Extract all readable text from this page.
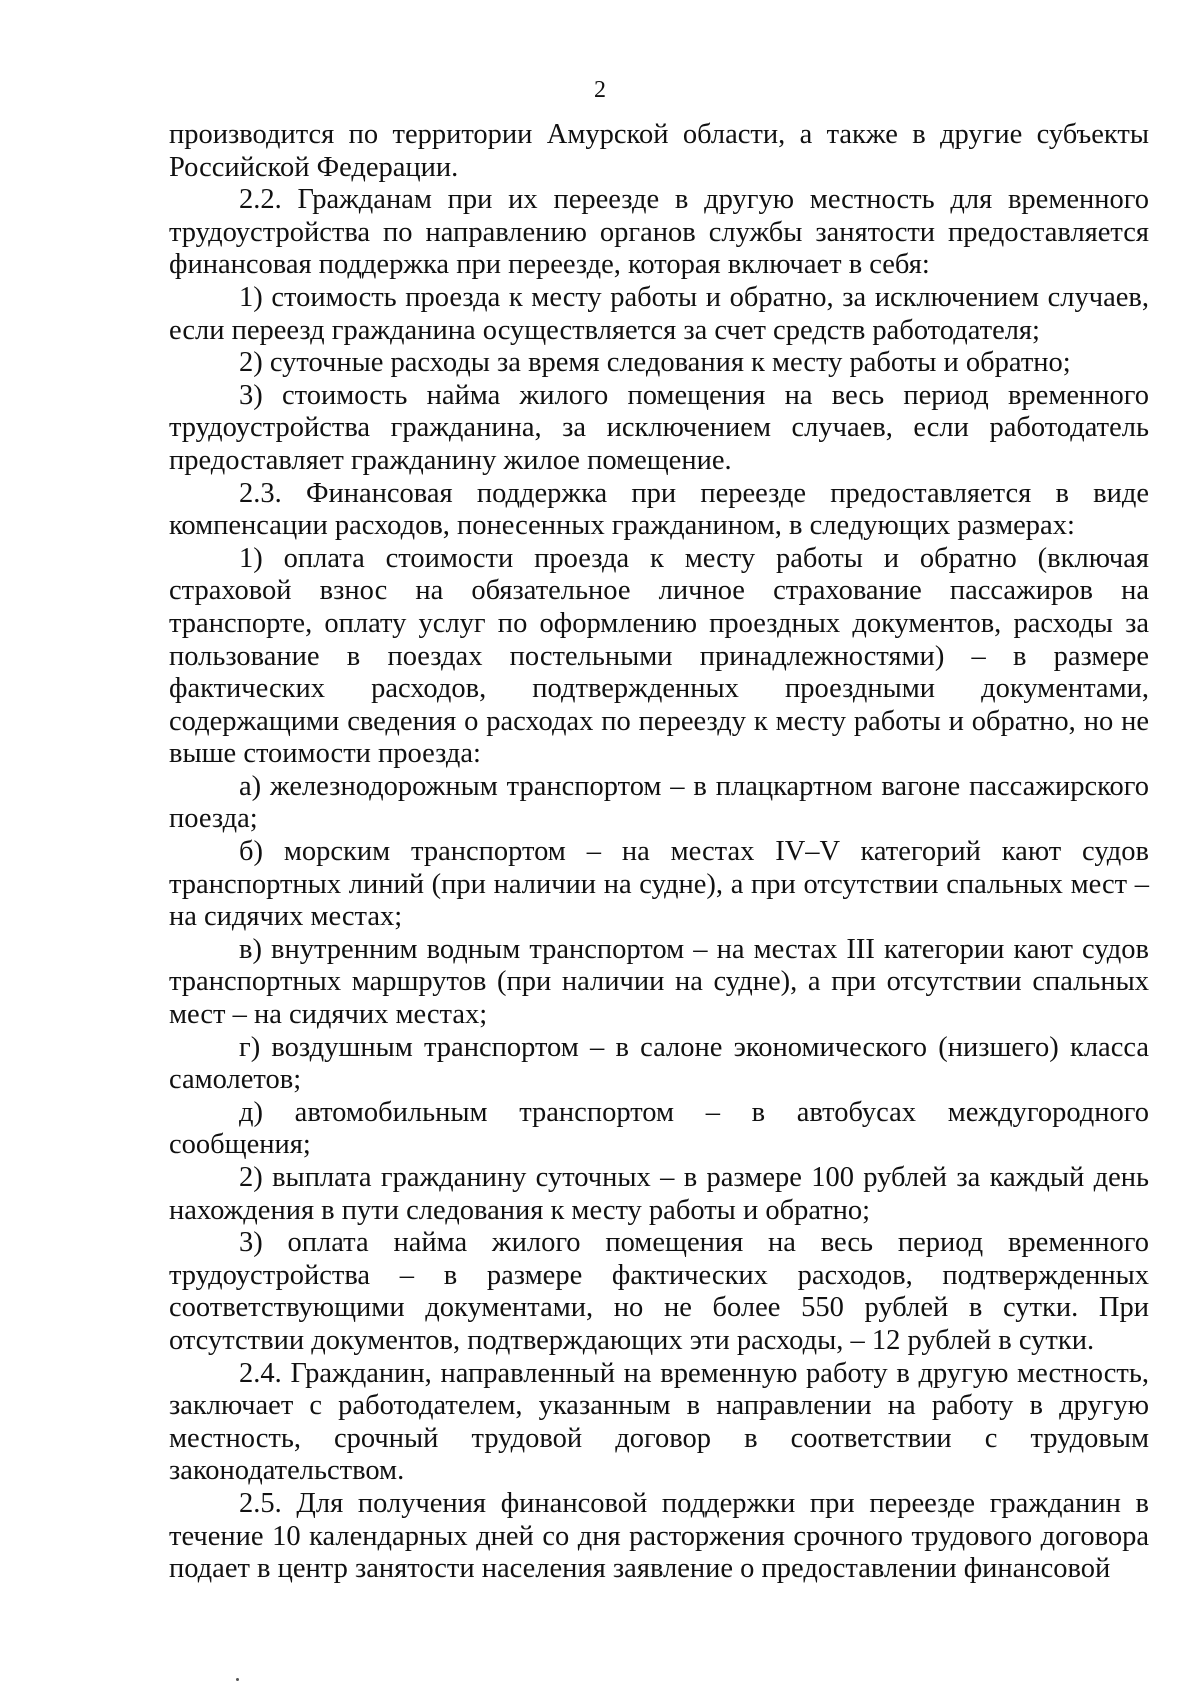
2

производится по территории Амурской области, а также в другие субъекты Российской Федерации.

2.2. Гражданам при их переезде в другую местность для временного трудоустройства по направлению органов службы занятости предоставляется финансовая поддержка при переезде, которая включает в себя:

1) стоимость проезда к месту работы и обратно, за исключением случаев, если переезд гражданина осуществляется за счет средств работодателя;

2) суточные расходы за время следования к месту работы и обратно;

3) стоимость найма жилого помещения на весь период временного трудоустройства гражданина, за исключением случаев, если работодатель предоставляет гражданину жилое помещение.

2.3. Финансовая поддержка при переезде предоставляется в виде компенсации расходов, понесенных гражданином, в следующих размерах:

1) оплата стоимости проезда к месту работы и обратно (включая страховой взнос на обязательное личное страхование пассажиров на транспорте, оплату услуг по оформлению проездных документов, расходы за пользование в поездах постельными принадлежностями) – в размере фактических расходов, подтвержденных проездными документами, содержащими сведения о расходах по переезду к месту работы и обратно, но не выше стоимости проезда:

а) железнодорожным транспортом – в плацкартном вагоне пассажирского поезда;

б) морским транспортом – на местах IV–V категорий кают судов транспортных линий (при наличии на судне), а при отсутствии спальных мест – на сидячих местах;

в) внутренним водным транспортом – на местах III категории кают судов транспортных маршрутов (при наличии на судне), а при отсутствии спальных мест – на сидячих местах;

г) воздушным транспортом – в салоне экономического (низшего) класса самолетов;

д) автомобильным транспортом – в автобусах междугородного сообщения;

2) выплата гражданину суточных – в размере 100 рублей за каждый день нахождения в пути следования к месту работы и обратно;

3) оплата найма жилого помещения на весь период временного трудоустройства – в размере фактических расходов, подтвержденных соответствующими документами, но не более 550 рублей в сутки. При отсутствии документов, подтверждающих эти расходы, – 12 рублей в сутки.

2.4. Гражданин, направленный на временную работу в другую местность, заключает с работодателем, указанным в направлении на работу в другую местность, срочный трудовой договор в соответствии с трудовым законодательством.

2.5. Для получения финансовой поддержки при переезде гражданин в течение 10 календарных дней со дня расторжения срочного трудового договора подает в центр занятости населения заявление о предоставлении финансовой
